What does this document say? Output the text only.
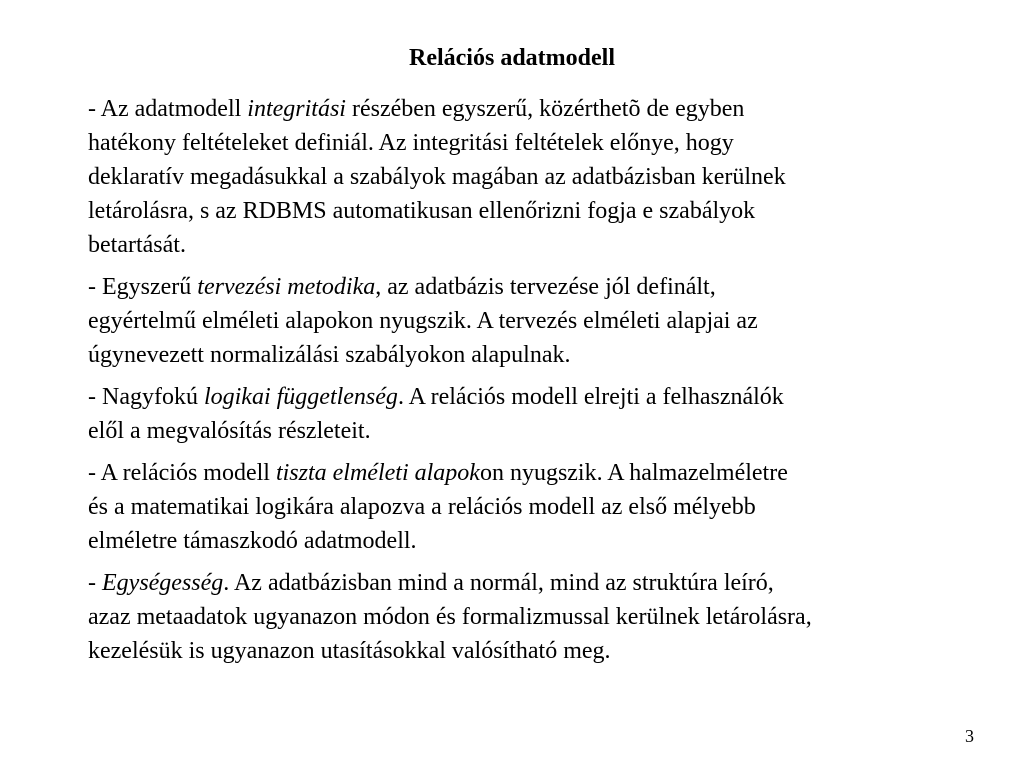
Relációs adatmodell

- Az adatmodell integritási részében egyszerű, közérthetõ de egyben
hatékony feltételeket definiál. Az integritási feltételek előnye, hogy
deklaratív megadásukkal a szabályok magában az adatbázisban kerülnek
letárolásra, s az RDBMS automatikusan ellenőrizni fogja e szabályok
betartását.

- Egyszerű tervezési metodika, az adatbázis tervezése jól definált,
egyértelmű elméleti alapokon nyugszik. A tervezés elméleti alapjai az
úgynevezett normalizálási szabályokon alapulnak.

- Nagyfokú logikai függetlenség. A relációs modell elrejti a felhasználók
elől a megvalósítás részleteit.

- A relációs modell tiszta elméleti alapokon nyugszik. A halmazelméletre
és a matematikai logikára alapozva a relációs modell az első mélyebb
elméletre támaszkodó adatmodell.

- Egységesség. Az adatbázisban mind a normál, mind az struktúra leíró,
azaz metaadatok ugyanazon módon és formalizmussal kerülnek letárolásra,
kezelésük is ugyanazon utasításokkal valósítható meg.

3
